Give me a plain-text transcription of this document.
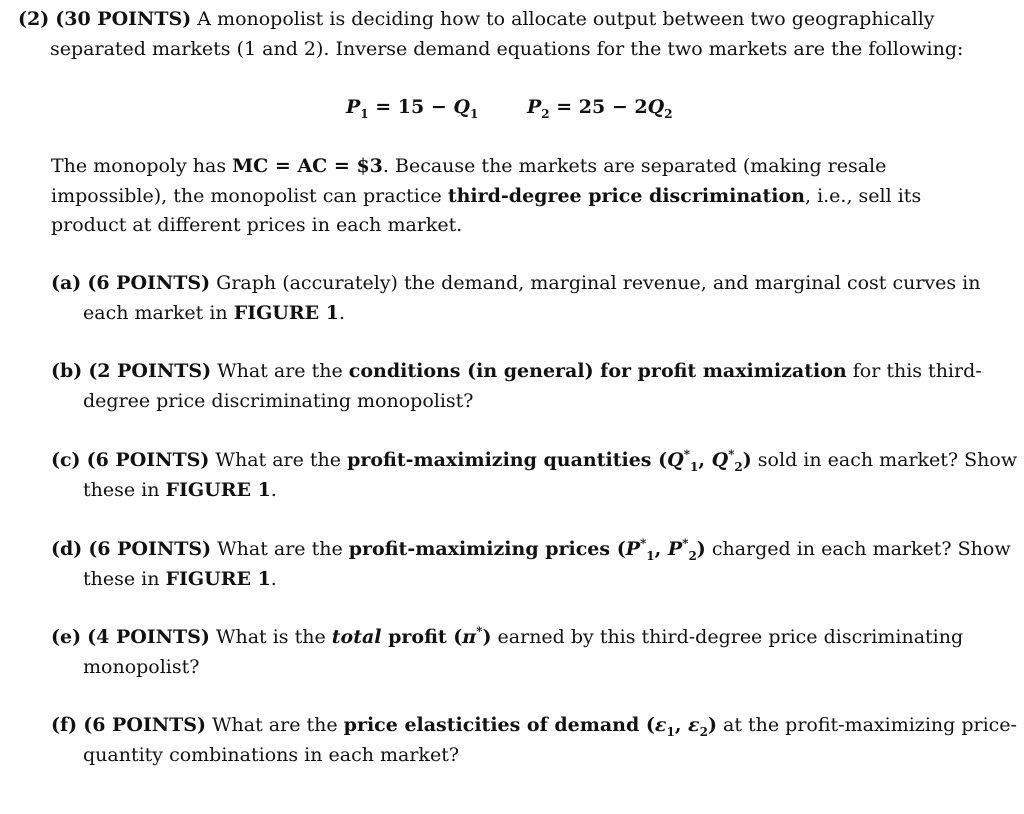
(2) (30 POINTS) A monopolist is deciding how to allocate output between two geographically separated markets (1 and 2). Inverse demand equations for the two markets are the following:
$P_1 = 15 - Q_1$	$P_2 = 25 - 2Q_2$
The monopoly has MC = AC = $3. Because the markets are separated (making resale impossible), the monopolist can practice third-degree price discrimination, i.e., sell its product at different prices in each market.
(a) (6 POINTS) Graph (accurately) the demand, marginal revenue, and marginal cost curves in each market in FIGURE 1.
(b) (2 POINTS) What are the conditions (in general) for profit maximization for this third-degree price discriminating monopolist?
(c) (6 POINTS) What are the profit-maximizing quantities ($Q^*_1$, $Q^*_2$) sold in each market? Show these in FIGURE 1.
(d) (6 POINTS) What are the profit-maximizing prices ($P^*_1$, $P^*_2$) charged in each market? Show these in FIGURE 1.
(e) (4 POINTS) What is the total profit (π*) earned by this third-degree price discriminating monopolist?
(f) (6 POINTS) What are the price elasticities of demand ($\varepsilon_1$, $\varepsilon_2$) at the profit-maximizing price-quantity combinations in each market?
